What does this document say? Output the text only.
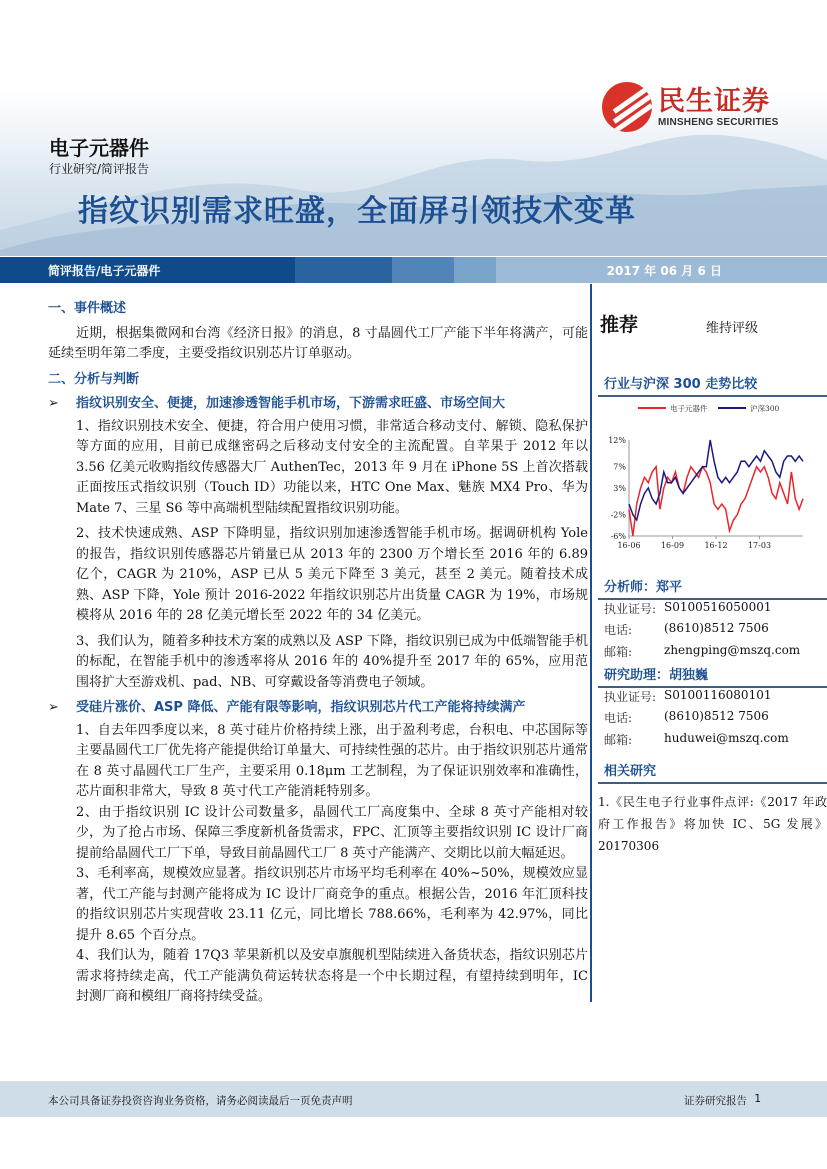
民生证券
MINSHENG SECURITIES
电子元器件
行业研究/简评报告
指纹识别需求旺盛，全面屏引领技术变革
简评报告/电子元器件	2017 年 06 月 6 日
一、事件概述
近期，根据集微网和台湾《经济日报》的消息，8 寸晶圆代工厂产能下半年将满产，可能延续至明年第二季度，主要受指纹识别芯片订单驱动。
二、分析与判断
➢	指纹识别安全、便捷，加速渗透智能手机市场，下游需求旺盛、市场空间大
1、指纹识别技术安全、便捷，符合用户使用习惯，非常适合移动支付、解锁、隐私保护等方面的应用，目前已成继密码之后移动支付安全的主流配置。自苹果于 2012 年以 3.56 亿美元收购指纹传感器大厂 AuthenTec，2013 年 9 月在 iPhone 5S 上首次搭载正面按压式指纹识别（Touch ID）功能以来，HTC One Max、魅族 MX4 Pro、华为 Mate 7、三星 S6 等中高端机型陆续配置指纹识别功能。
2、技术快速成熟、ASP 下降明显，指纹识别加速渗透智能手机市场。据调研机构 Yole 的报告，指纹识别传感器芯片销量已从 2013 年的 2300 万个增长至 2016 年的 6.89 亿个，CAGR 为 210%，ASP 已从 5 美元下降至 3 美元，甚至 2 美元。随着技术成熟、ASP 下降，Yole 预计 2016-2022 年指纹识别芯片出货量 CAGR 为 19%，市场规模将从 2016 年的 28 亿美元增长至 2022 年的 34 亿美元。
3、我们认为，随着多种技术方案的成熟以及 ASP 下降，指纹识别已成为中低端智能手机的标配，在智能手机中的渗透率将从 2016 年的 40%提升至 2017 年的 65%，应用范围将扩大至游戏机、pad、NB、可穿戴设备等消费电子领域。
➢	受硅片涨价、ASP 降低、产能有限等影响，指纹识别芯片代工产能将持续满产
1、自去年四季度以来，8 英寸硅片价格持续上涨，出于盈利考虑，台积电、中芯国际等主要晶圆代工厂优先将产能提供给订单量大、可持续性强的芯片。由于指纹识别芯片通常在 8 英寸晶圆代工厂生产，主要采用 0.18μm 工艺制程，为了保证识别效率和准确性，芯片面积非常大，导致 8 英寸代工产能消耗特别多。
2、由于指纹识别 IC 设计公司数量多，晶圆代工厂高度集中、全球 8 英寸产能相对较少，为了抢占市场、保障三季度新机备货需求，FPC、汇顶等主要指纹识别 IC 设计厂商提前给晶圆代工厂下单，导致目前晶圆代工厂 8 英寸产能满产、交期比以前大幅延迟。
3、毛利率高，规模效应显著。指纹识别芯片市场平均毛利率在 40%~50%，规模效应显著，代工产能与封测产能将成为 IC 设计厂商竞争的重点。根据公告，2016 年汇顶科技的指纹识别芯片实现营收 23.11 亿元，同比增长 788.66%，毛利率为 42.97%，同比提升 8.65 个百分点。
4、我们认为，随着 17Q3 苹果新机以及安卓旗舰机型陆续进入备货状态，指纹识别芯片需求将持续走高，代工产能满负荷运转状态将是一个中长期过程，有望持续到明年，IC 封测厂商和模组厂商将持续受益。
推荐	维持评级
行业与沪深 300 走势比较
电子元器件	沪深300
12%
7%
3%
-2%
-6%
16-06	16-09	16-12	17-03
分析师：郑平
执业证号: S0100516050001
电话:	(8610)8512 7506
邮箱:	zhengping@mszq.com
研究助理：胡独巍
执业证号: S0100116080101
电话:	(8610)8512 7506
邮箱:	huduwei@mszq.com
相关研究
1.《民生电子行业事件点评:《2017 年政府工作报告》将加快 IC、5G 发展》20170306
本公司具备证券投资咨询业务资格，请务必阅读最后一页免责声明	证券研究报告 1
